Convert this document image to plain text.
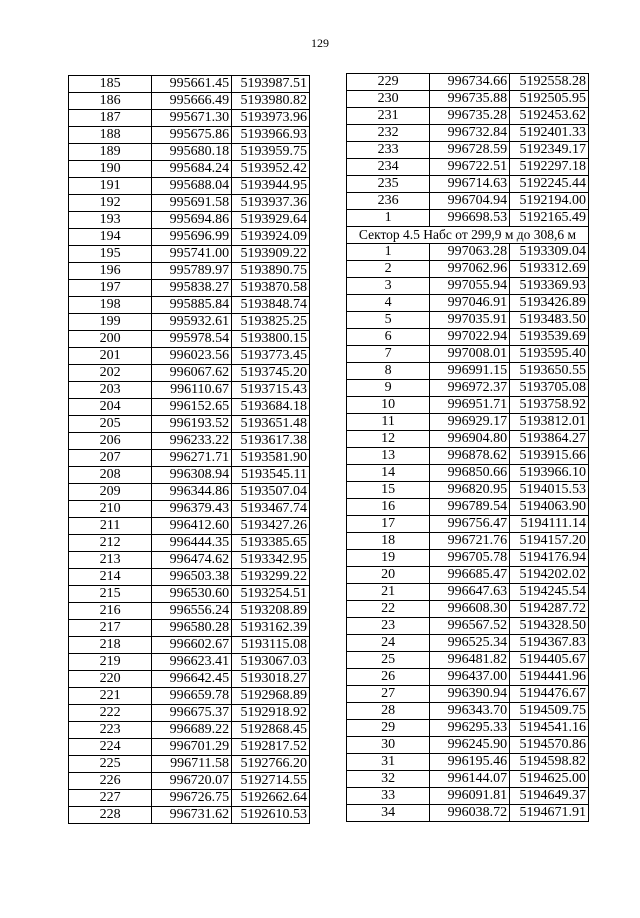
129
185	995661.45	5193987.51
186	995666.49	5193980.82
187	995671.30	5193973.96
188	995675.86	5193966.93
189	995680.18	5193959.75
190	995684.24	5193952.42
191	995688.04	5193944.95
192	995691.58	5193937.36
193	995694.86	5193929.64
194	995696.99	5193924.09
195	995741.00	5193909.22
196	995789.97	5193890.75
197	995838.27	5193870.58
198	995885.84	5193848.74
199	995932.61	5193825.25
200	995978.54	5193800.15
201	996023.56	5193773.45
202	996067.62	5193745.20
203	996110.67	5193715.43
204	996152.65	5193684.18
205	996193.52	5193651.48
206	996233.22	5193617.38
207	996271.71	5193581.90
208	996308.94	5193545.11
209	996344.86	5193507.04
210	996379.43	5193467.74
211	996412.60	5193427.26
212	996444.35	5193385.65
213	996474.62	5193342.95
214	996503.38	5193299.22
215	996530.60	5193254.51
216	996556.24	5193208.89
217	996580.28	5193162.39
218	996602.67	5193115.08
219	996623.41	5193067.03
220	996642.45	5193018.27
221	996659.78	5192968.89
222	996675.37	5192918.92
223	996689.22	5192868.45
224	996701.29	5192817.52
225	996711.58	5192766.20
226	996720.07	5192714.55
227	996726.75	5192662.64
228	996731.62	5192610.53
229	996734.66	5192558.28
230	996735.88	5192505.95
231	996735.28	5192453.62
232	996732.84	5192401.33
233	996728.59	5192349.17
234	996722.51	5192297.18
235	996714.63	5192245.44
236	996704.94	5192194.00
1	996698.53	5192165.49
Сектор 4.5 Набс от 299,9 м до 308,6 м		
1	997063.28	5193309.04
2	997062.96	5193312.69
3	997055.94	5193369.93
4	997046.91	5193426.89
5	997035.91	5193483.50
6	997022.94	5193539.69
7	997008.01	5193595.40
8	996991.15	5193650.55
9	996972.37	5193705.08
10	996951.71	5193758.92
11	996929.17	5193812.01
12	996904.80	5193864.27
13	996878.62	5193915.66
14	996850.66	5193966.10
15	996820.95	5194015.53
16	996789.54	5194063.90
17	996756.47	5194111.14
18	996721.76	5194157.20
19	996705.78	5194176.94
20	996685.47	5194202.02
21	996647.63	5194245.54
22	996608.30	5194287.72
23	996567.52	5194328.50
24	996525.34	5194367.83
25	996481.82	5194405.67
26	996437.00	5194441.96
27	996390.94	5194476.67
28	996343.70	5194509.75
29	996295.33	5194541.16
30	996245.90	5194570.86
31	996195.46	5194598.82
32	996144.07	5194625.00
33	996091.81	5194649.37
34	996038.72	5194671.91
